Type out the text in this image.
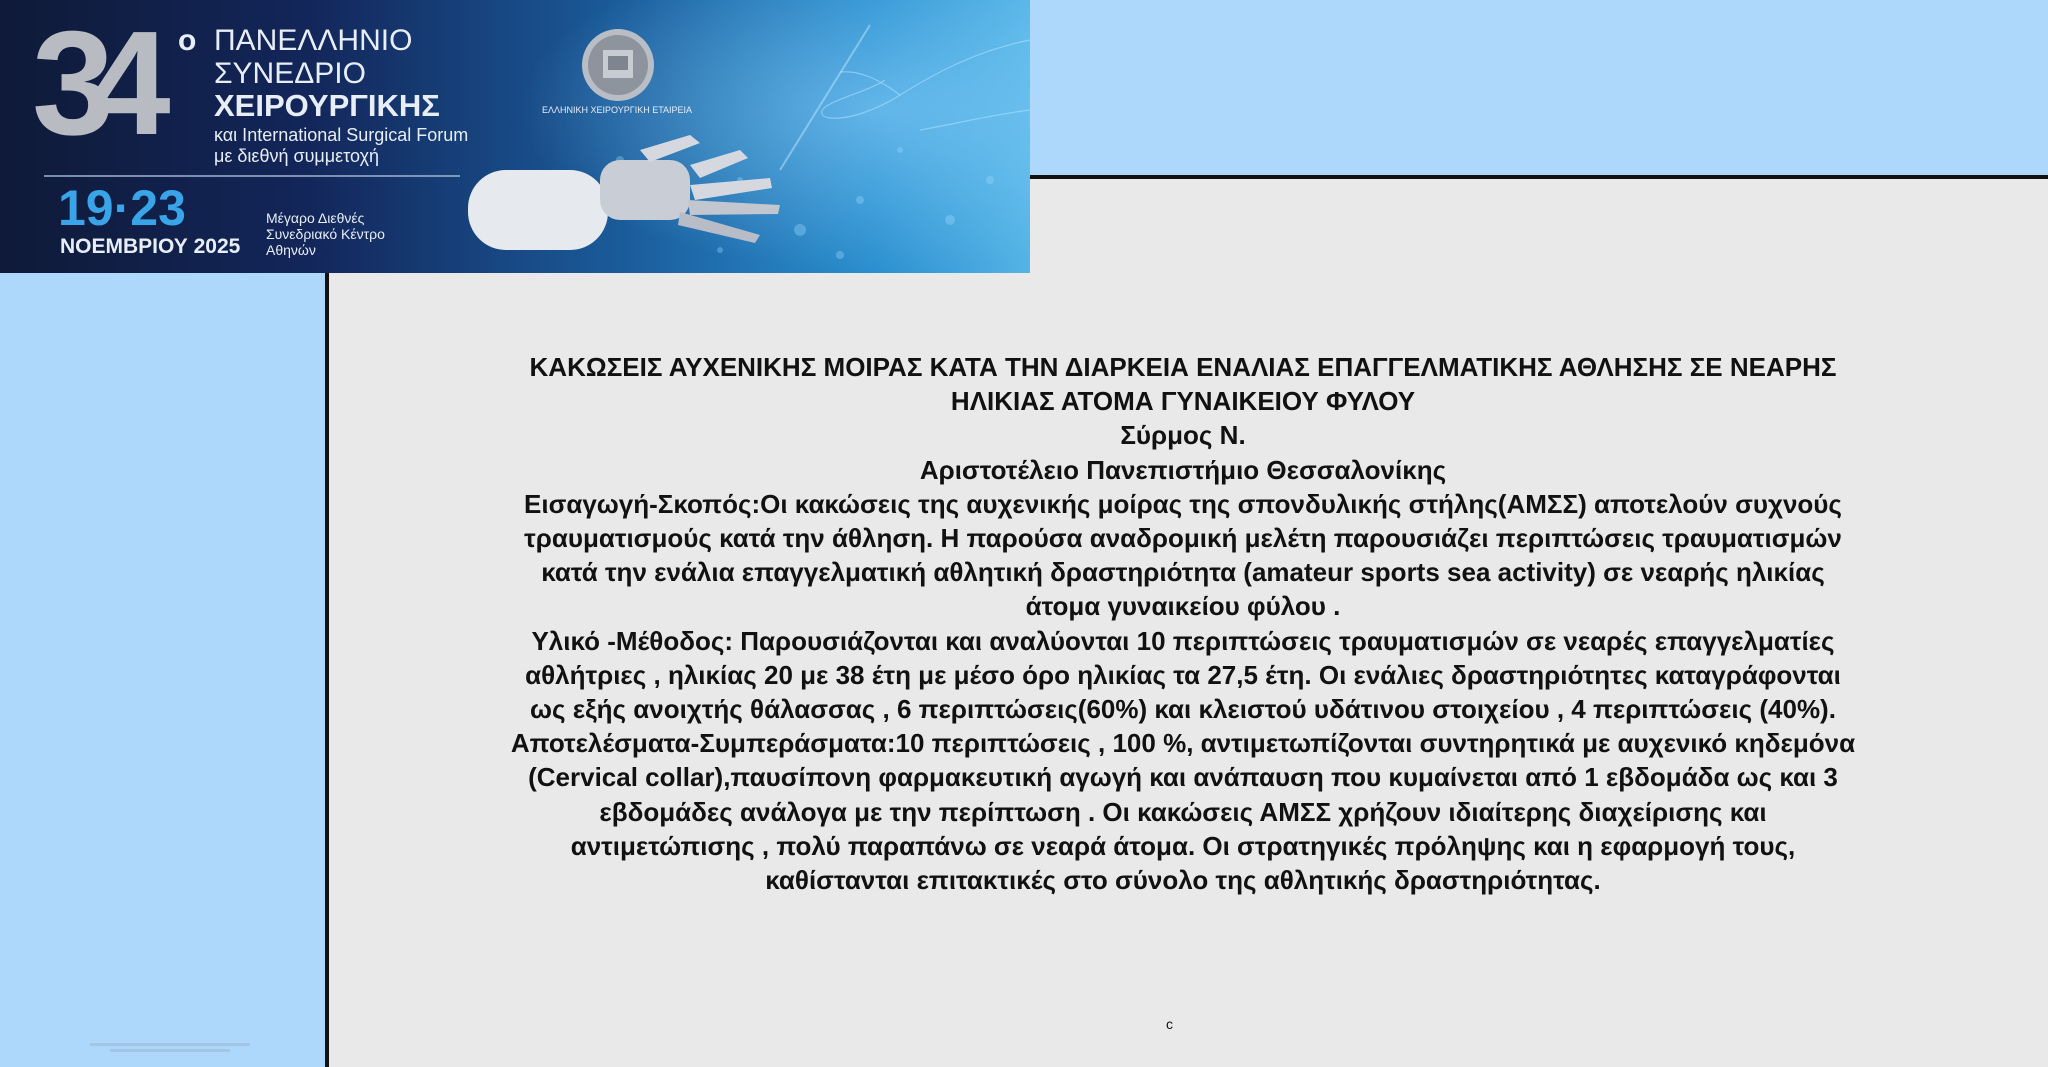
34 ο ΠΑΝΕΛΛΗΝΙΟ
ΣΥΝΕΔΡΙΟ
ΧΕΙΡΟΥΡΓΙΚΗΣ
και International Surgical Forum
με διεθνή συμμετοχή
19·23
ΝΟΕΜΒΡΙΟΥ 2025
Μέγαρο Διεθνές
Συνεδριακό Κέντρο
Αθηνών
ΕΛΛΗΝΙΚΗ ΧΕΙΡΟΥΡΓΙΚΗ ΕΤΑΙΡΕΙΑ

ΚΑΚΩΣΕΙΣ ΑΥΧΕΝΙΚΗΣ ΜΟΙΡΑΣ ΚΑΤΑ ΤΗΝ ΔΙΑΡΚΕΙΑ ΕΝΑΛΙΑΣ ΕΠΑΓΓΕΛΜΑΤΙΚΗΣ ΑΘΛΗΣΗΣ ΣΕ ΝΕΑΡΗΣ

ΗΛΙΚΙΑΣ ΑΤΟΜΑ ΓΥΝΑΙΚΕΙΟΥ ΦΥΛΟΥ

Σύρμος Ν.

Αριστοτέλειο Πανεπιστήμιο Θεσσαλονίκης

Εισαγωγή-Σκοπός:Οι κακώσεις της αυχενικής μοίρας της σπονδυλικής στήλης(ΑΜΣΣ) αποτελούν συχνούς

τραυματισμούς κατά την άθληση. Η παρούσα αναδρομική μελέτη παρουσιάζει περιπτώσεις τραυματισμών

κατά την ενάλια επαγγελματική αθλητική δραστηριότητα (amateur sports sea activity) σε νεαρής ηλικίας

άτομα γυναικείου φύλου .

Υλικό -Μέθοδος: Παρουσιάζονται και αναλύονται 10 περιπτώσεις τραυματισμών σε νεαρές επαγγελματίες

αθλήτριες , ηλικίας 20 με 38 έτη με μέσο όρο ηλικίας τα 27,5 έτη. Οι ενάλιες δραστηριότητες καταγράφονται

ως εξής ανοιχτής θάλασσας , 6 περιπτώσεις(60%) και κλειστού υδάτινου στοιχείου , 4 περιπτώσεις (40%).

Αποτελέσματα-Συμπεράσματα:10 περιπτώσεις , 100 %, αντιμετωπίζονται συντηρητικά με αυχενικό κηδεμόνα

(Cervical collar),παυσίπονη φαρμακευτική αγωγή και ανάπαυση που κυμαίνεται από 1 εβδομάδα ως και 3

εβδομάδες ανάλογα με την περίπτωση . Οι κακώσεις ΑΜΣΣ χρήζουν ιδιαίτερης διαχείρισης και

αντιμετώπισης , πολύ παραπάνω σε νεαρά άτομα. Οι στρατηγικές πρόληψης και η εφαρμογή τους,

καθίστανται επιτακτικές στο σύνολο της αθλητικής δραστηριότητας.

c
